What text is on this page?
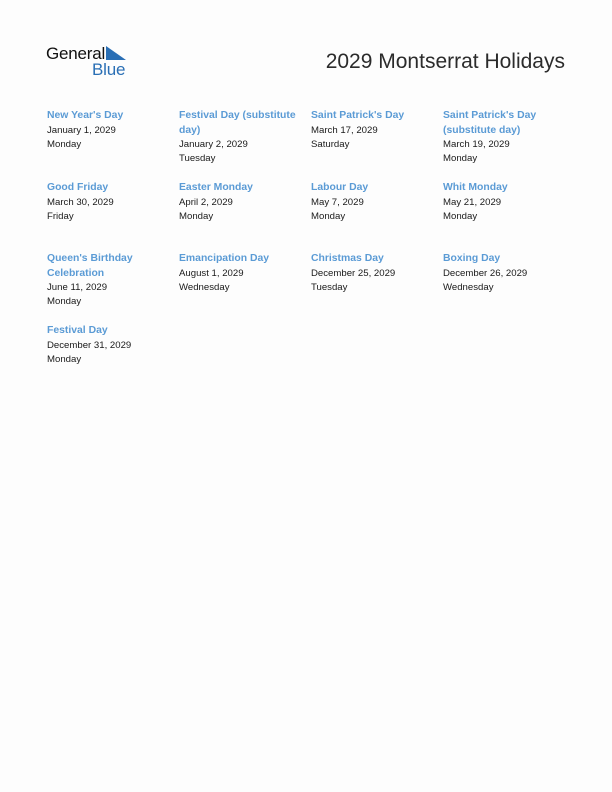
General
Blue	2029 Montserrat Holidays
New Year's Day
January 1, 2029
Monday
Festival Day (substitute day)
January 2, 2029
Tuesday
Saint Patrick's Day
March 17, 2029
Saturday
Saint Patrick's Day (substitute day)
March 19, 2029
Monday
Good Friday
March 30, 2029
Friday
Easter Monday
April 2, 2029
Monday
Labour Day
May 7, 2029
Monday
Whit Monday
May 21, 2029
Monday
Queen's Birthday Celebration
June 11, 2029
Monday
Emancipation Day
August 1, 2029
Wednesday
Christmas Day
December 25, 2029
Tuesday
Boxing Day
December 26, 2029
Wednesday
Festival Day
December 31, 2029
Monday
